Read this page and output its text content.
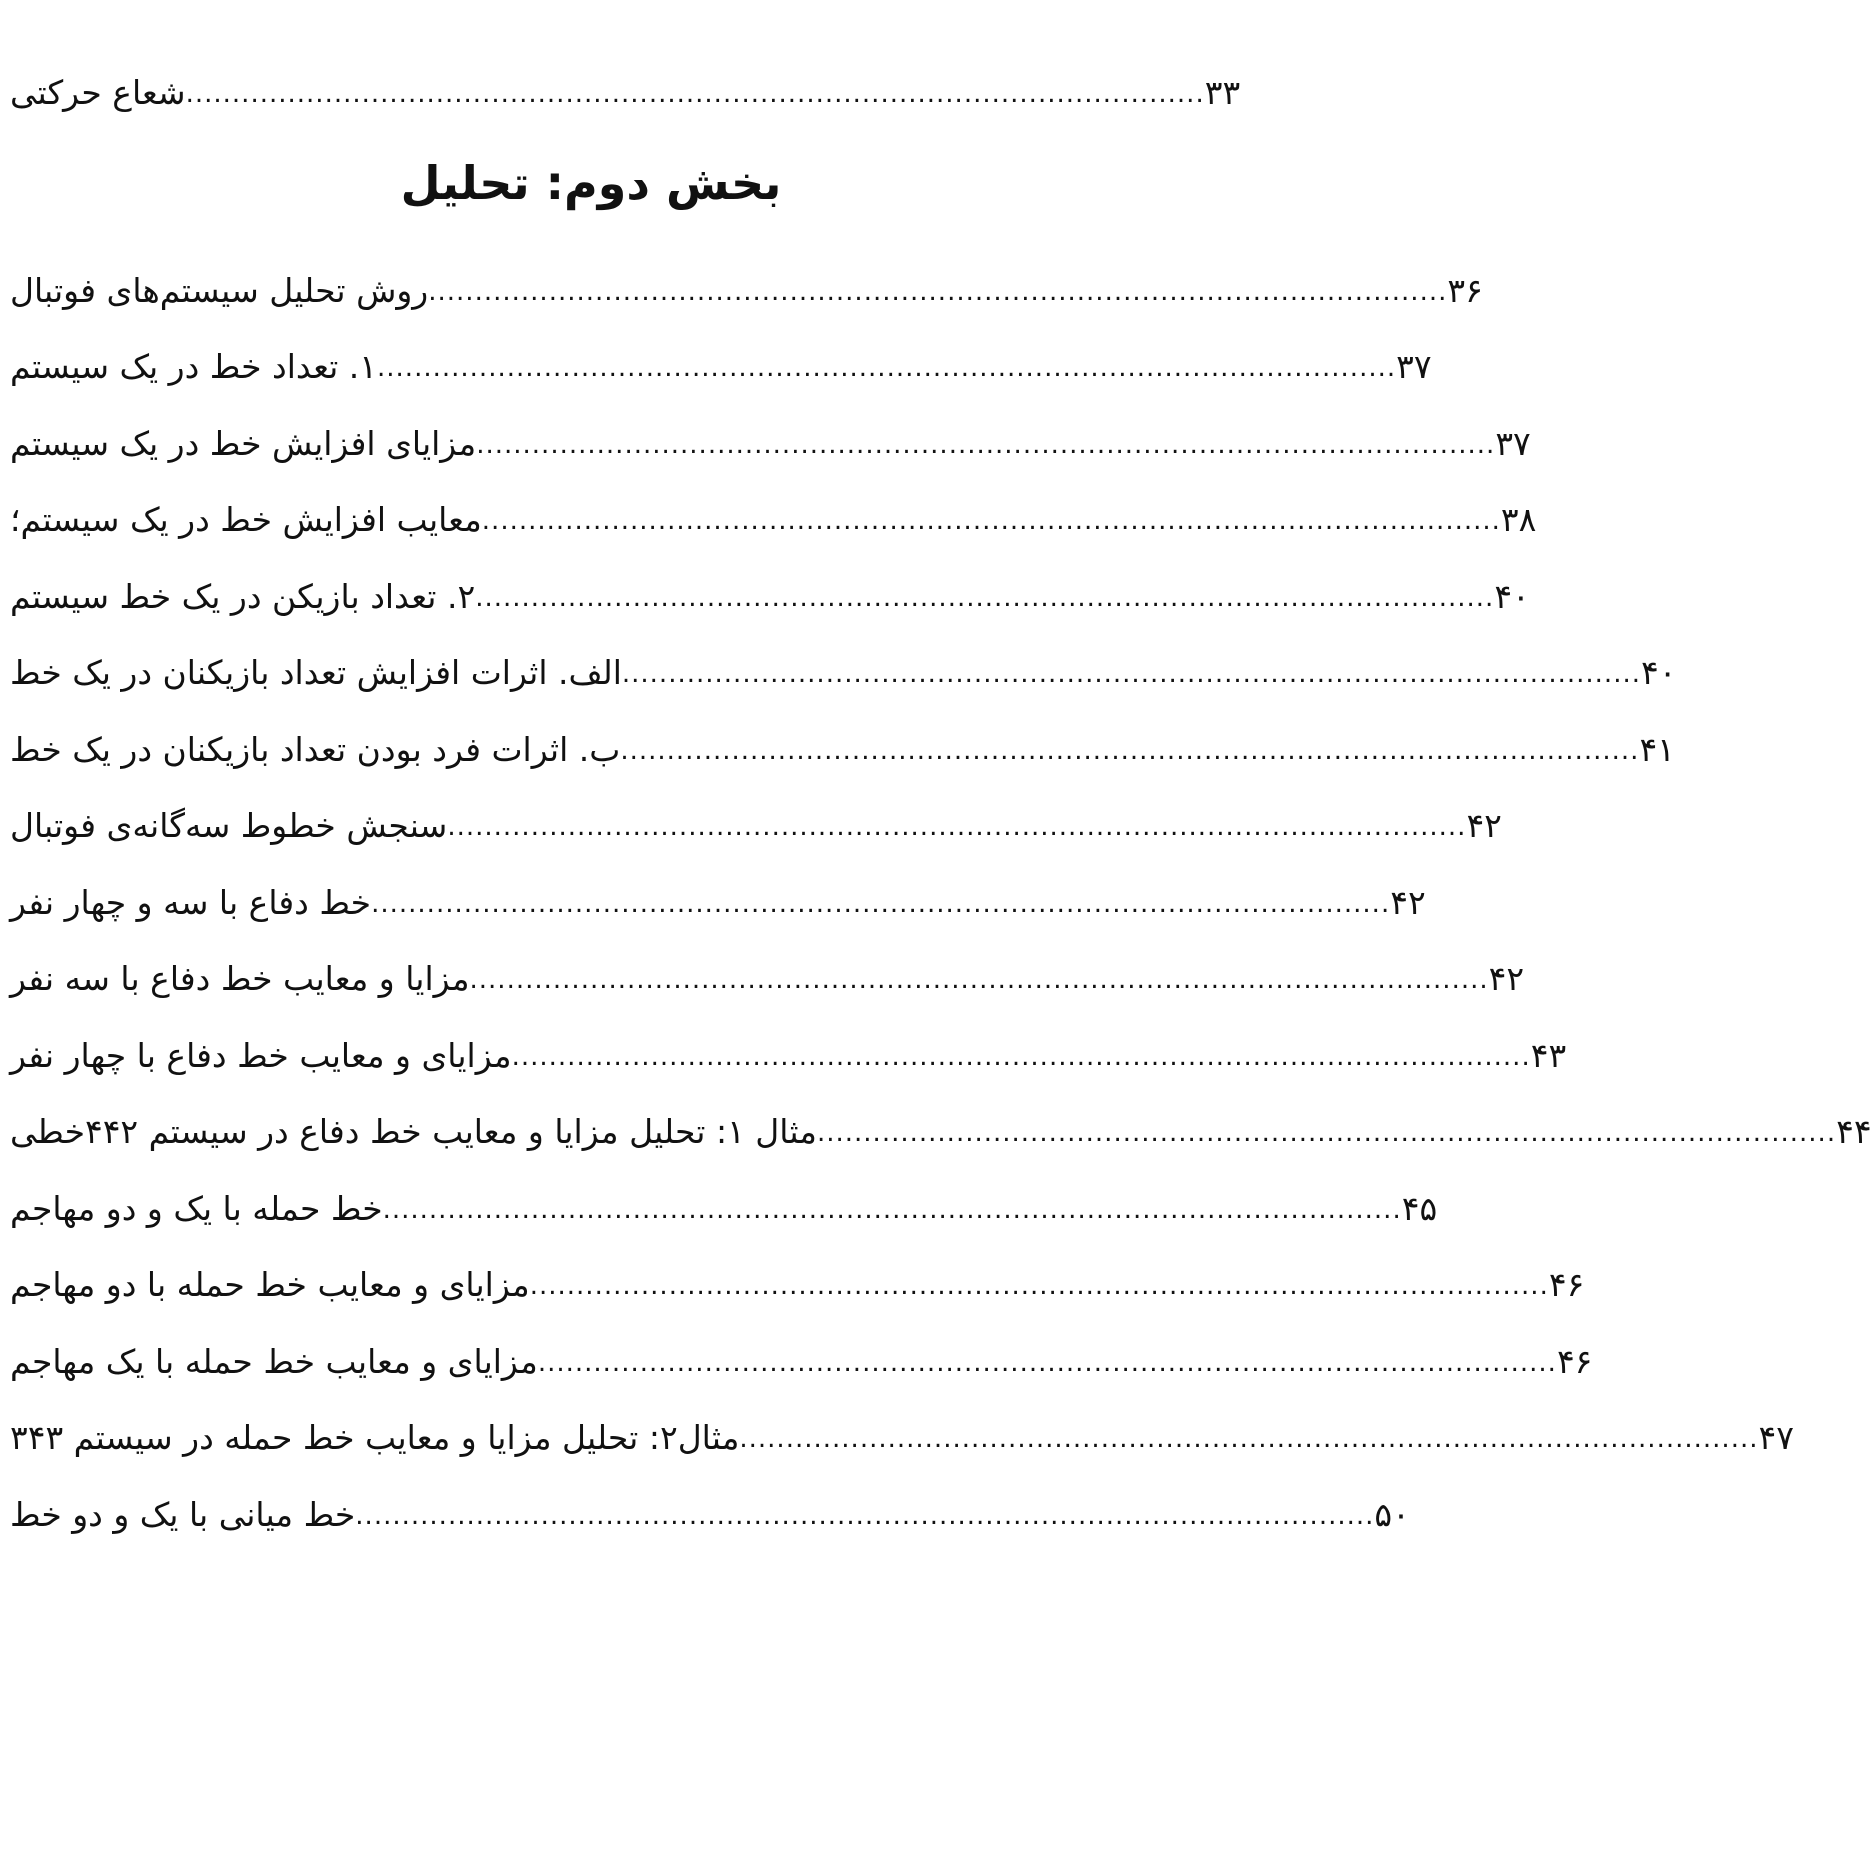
شعاع حرکتی .............................................................................................................. ۳۳
بخش دوم: تحلیل
روش تحلیل سیستم‌های فوتبال .............................................................................................................. ۳۶
۱. تعداد خط در یک سیستم .............................................................................................................. ۳۷
مزایای افزایش خط در یک سیستم .............................................................................................................. ۳۷
معایب افزایش خط در یک سیستم؛ .............................................................................................................. ۳۸
۲. تعداد بازیکن در یک خط سیستم .............................................................................................................. ۴۰
الف. اثرات افزایش تعداد بازیکنان در یک خط .............................................................................................................. ۴۰
ب. اثرات فرد بودن تعداد بازیکنان در یک خط .............................................................................................................. ۴۱
سنجش خطوط سه‌گانه‌ی فوتبال .............................................................................................................. ۴۲
خط دفاع با سه و چهار نفر .............................................................................................................. ۴۲
مزایا و معایب خط دفاع با سه نفر .............................................................................................................. ۴۲
مزایای و معایب خط دفاع با چهار نفر .............................................................................................................. ۴۳
مثال ۱: تحلیل مزایا و معایب خط دفاع در سیستم ۴۴۲خطی .............................................................................................................. ۴۴
خط حمله با یک و دو مهاجم .............................................................................................................. ۴۵
مزایای و معایب خط حمله با دو مهاجم .............................................................................................................. ۴۶
مزایای و معایب خط حمله با یک مهاجم .............................................................................................................. ۴۶
مثال۲: تحلیل مزایا و معایب خط حمله در سیستم ۳۴۳ .............................................................................................................. ۴۷
خط میانی با یک و دو خط .............................................................................................................. ۵۰
